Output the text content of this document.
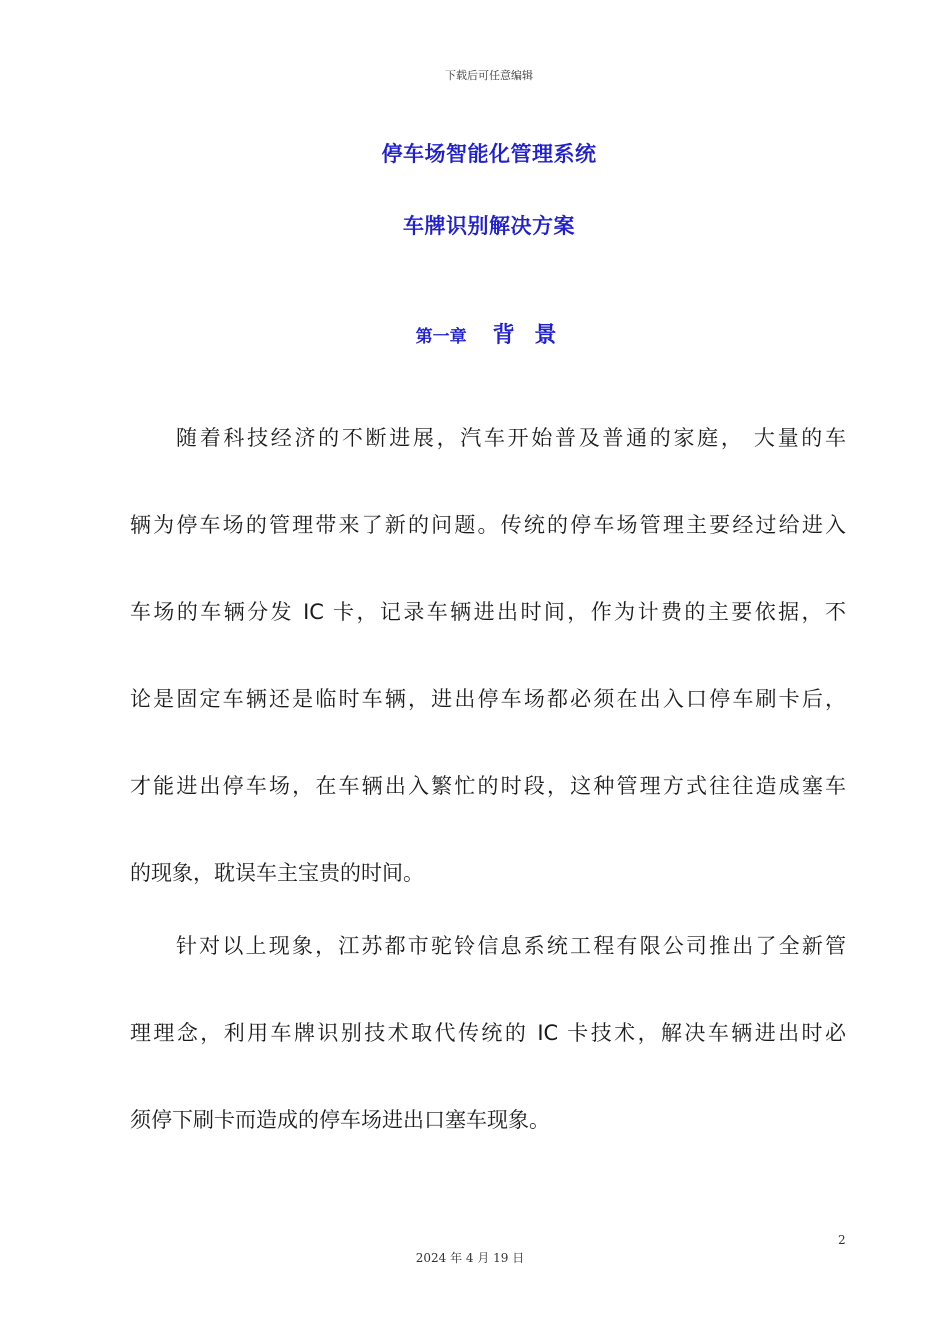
下载后可任意编辑
停车场智能化管理系统
车牌识别解决方案
第一章 背 景
随着科技经济的不断进展，汽车开始普及普通的家庭， 大量的车
辆为停车场的管理带来了新的问题。传统的停车场管理主要经过给进入
车场的车辆分发 IC 卡，记录车辆进出时间，作为计费的主要依据，不
论是固定车辆还是临时车辆，进出停车场都必须在出入口停车刷卡后，
才能进出停车场，在车辆出入繁忙的时段，这种管理方式往往造成塞车
的现象，耽误车主宝贵的时间。
针对以上现象，江苏都市驼铃信息系统工程有限公司推出了全新管
理理念，利用车牌识别技术取代传统的 IC 卡技术，解决车辆进出时必
须停下刷卡而造成的停车场进出口塞车现象。
2
2024 年 4 月 19 日
